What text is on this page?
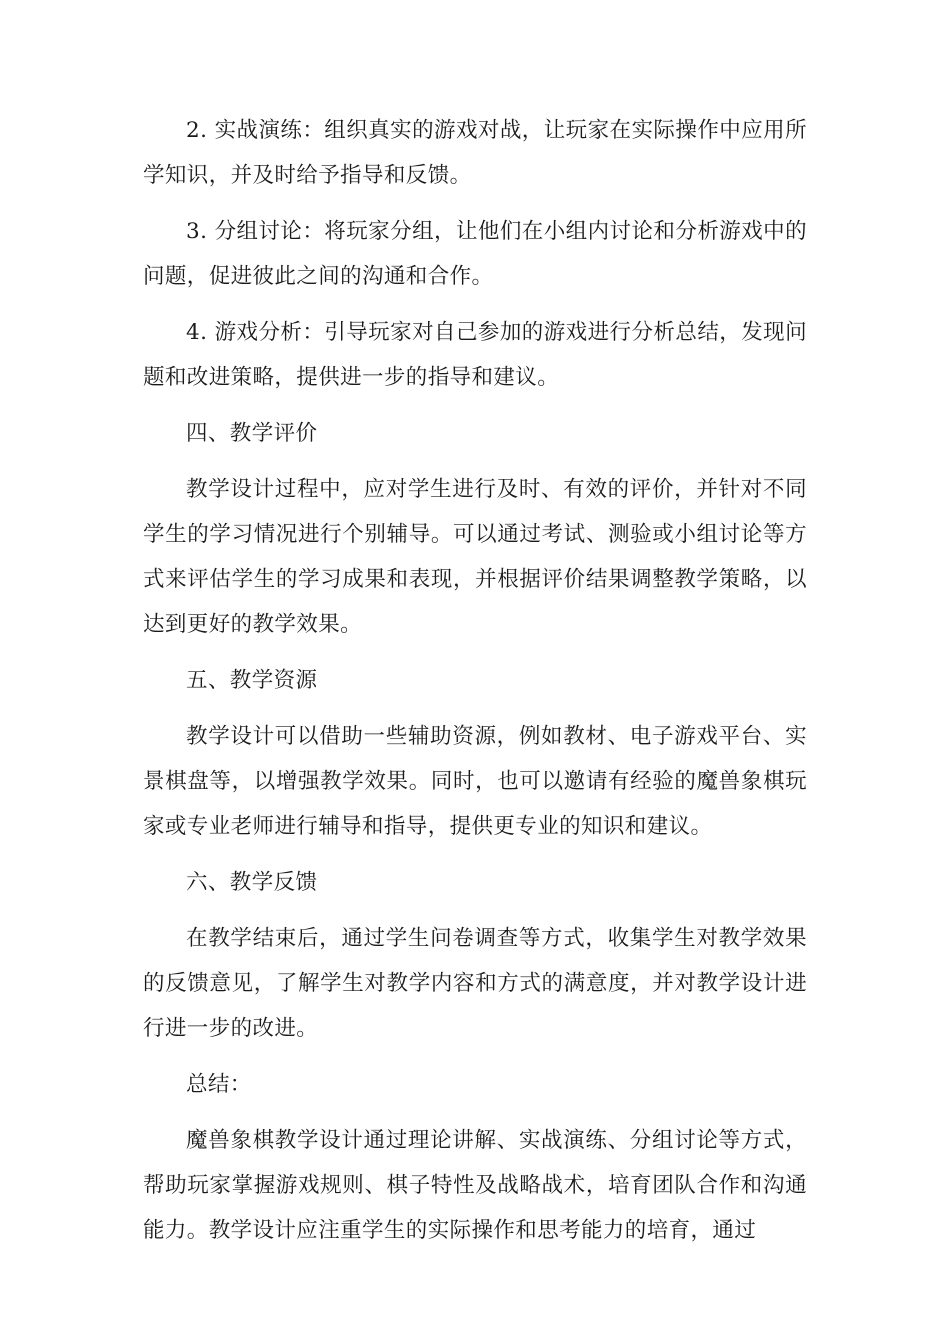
2. 实战演练：组织真实的游戏对战，让玩家在实际操作中应用所学知识，并及时给予指导和反馈。

3. 分组讨论：将玩家分组，让他们在小组内讨论和分析游戏中的问题，促进彼此之间的沟通和合作。

4. 游戏分析：引导玩家对自己参加的游戏进行分析总结，发现问题和改进策略，提供进一步的指导和建议。

四、教学评价

教学设计过程中，应对学生进行及时、有效的评价，并针对不同学生的学习情况进行个别辅导。可以通过考试、测验或小组讨论等方式来评估学生的学习成果和表现，并根据评价结果调整教学策略，以达到更好的教学效果。

五、教学资源

教学设计可以借助一些辅助资源，例如教材、电子游戏平台、实景棋盘等，以增强教学效果。同时，也可以邀请有经验的魔兽象棋玩家或专业老师进行辅导和指导，提供更专业的知识和建议。

六、教学反馈

在教学结束后，通过学生问卷调查等方式，收集学生对教学效果的反馈意见，了解学生对教学内容和方式的满意度，并对教学设计进行进一步的改进。

总结：

魔兽象棋教学设计通过理论讲解、实战演练、分组讨论等方式，帮助玩家掌握游戏规则、棋子特性及战略战术，培育团队合作和沟通能力。教学设计应注重学生的实际操作和思考能力的培育，通过
